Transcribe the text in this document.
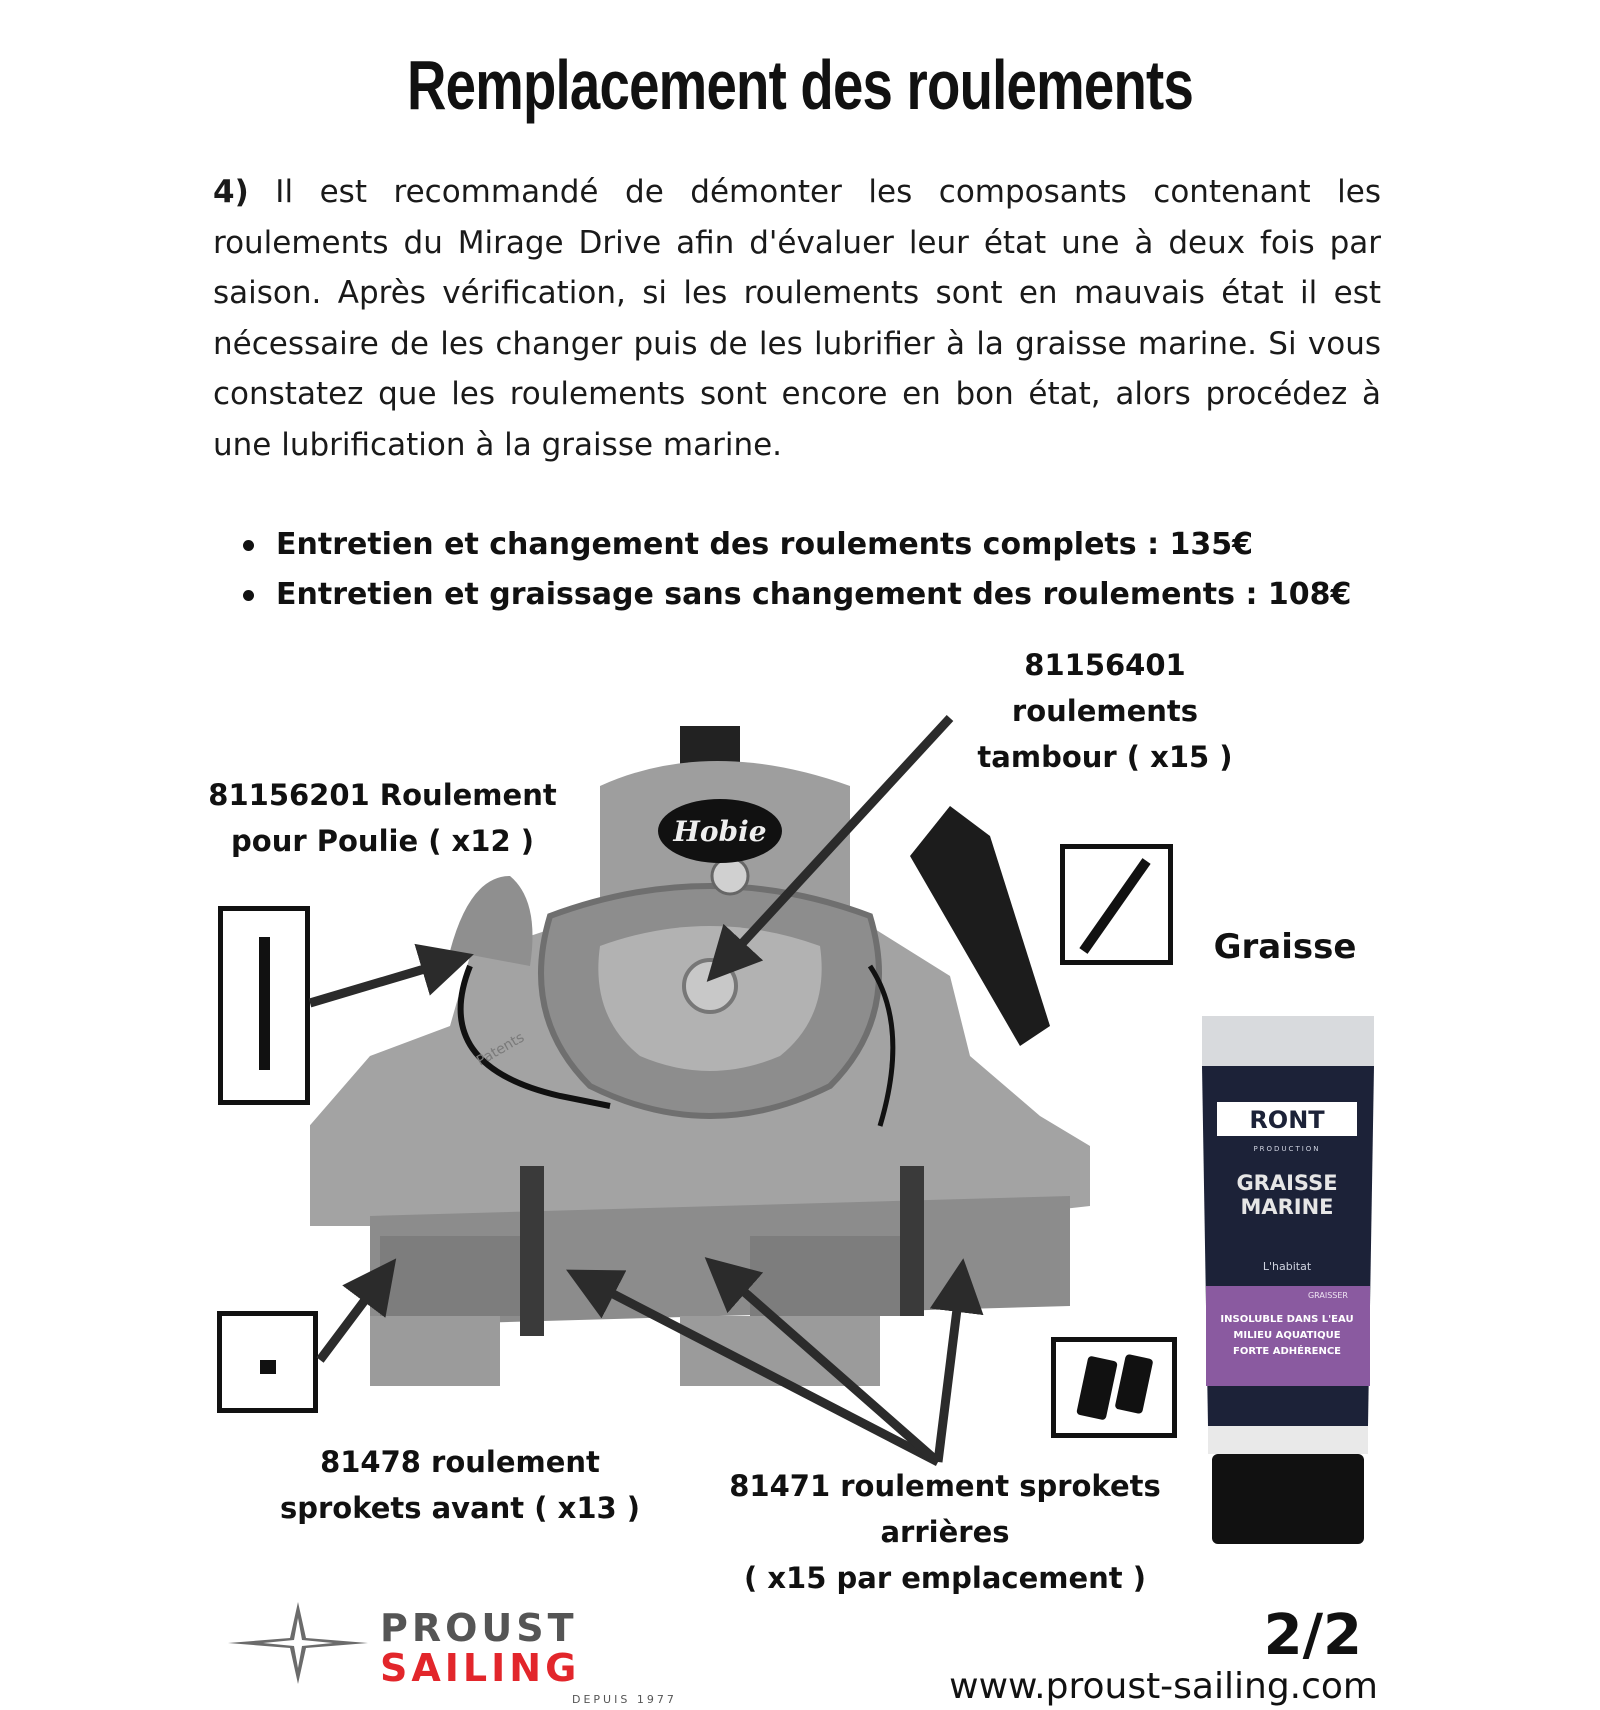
Remplacement des roulements
4) Il est recommandé de démonter les composants contenant les roulements du Mirage Drive afin d'évaluer leur état une à deux fois par saison. Après vérification, si les roulements sont en mauvais état il est nécessaire de les changer puis de les lubrifier à la graisse marine. Si vous constatez que les roulements sont encore en bon état, alors procédez à une lubrification à la graisse marine.
Entretien et changement des roulements complets : 135€
Entretien et graissage sans changement des roulements : 108€
Hobie
Patents
81156201 Roulement
pour Poulie ( x12 )
81156401
roulements
tambour ( x15 )
Graisse
81478 roulement
sprokets avant ( x13 )
81471 roulement sprokets
arrières
( x15 par emplacement )
RONT
PRODUCTION
GRAISSE
MARINE
L'habitat
GRAISSER
INSOLUBLE DANS L'EAU
MILIEU AQUATIQUE
FORTE ADHÉRENCE
PROUST
SAILING
DEPUIS 1977
2/2
www.proust-sailing.com
